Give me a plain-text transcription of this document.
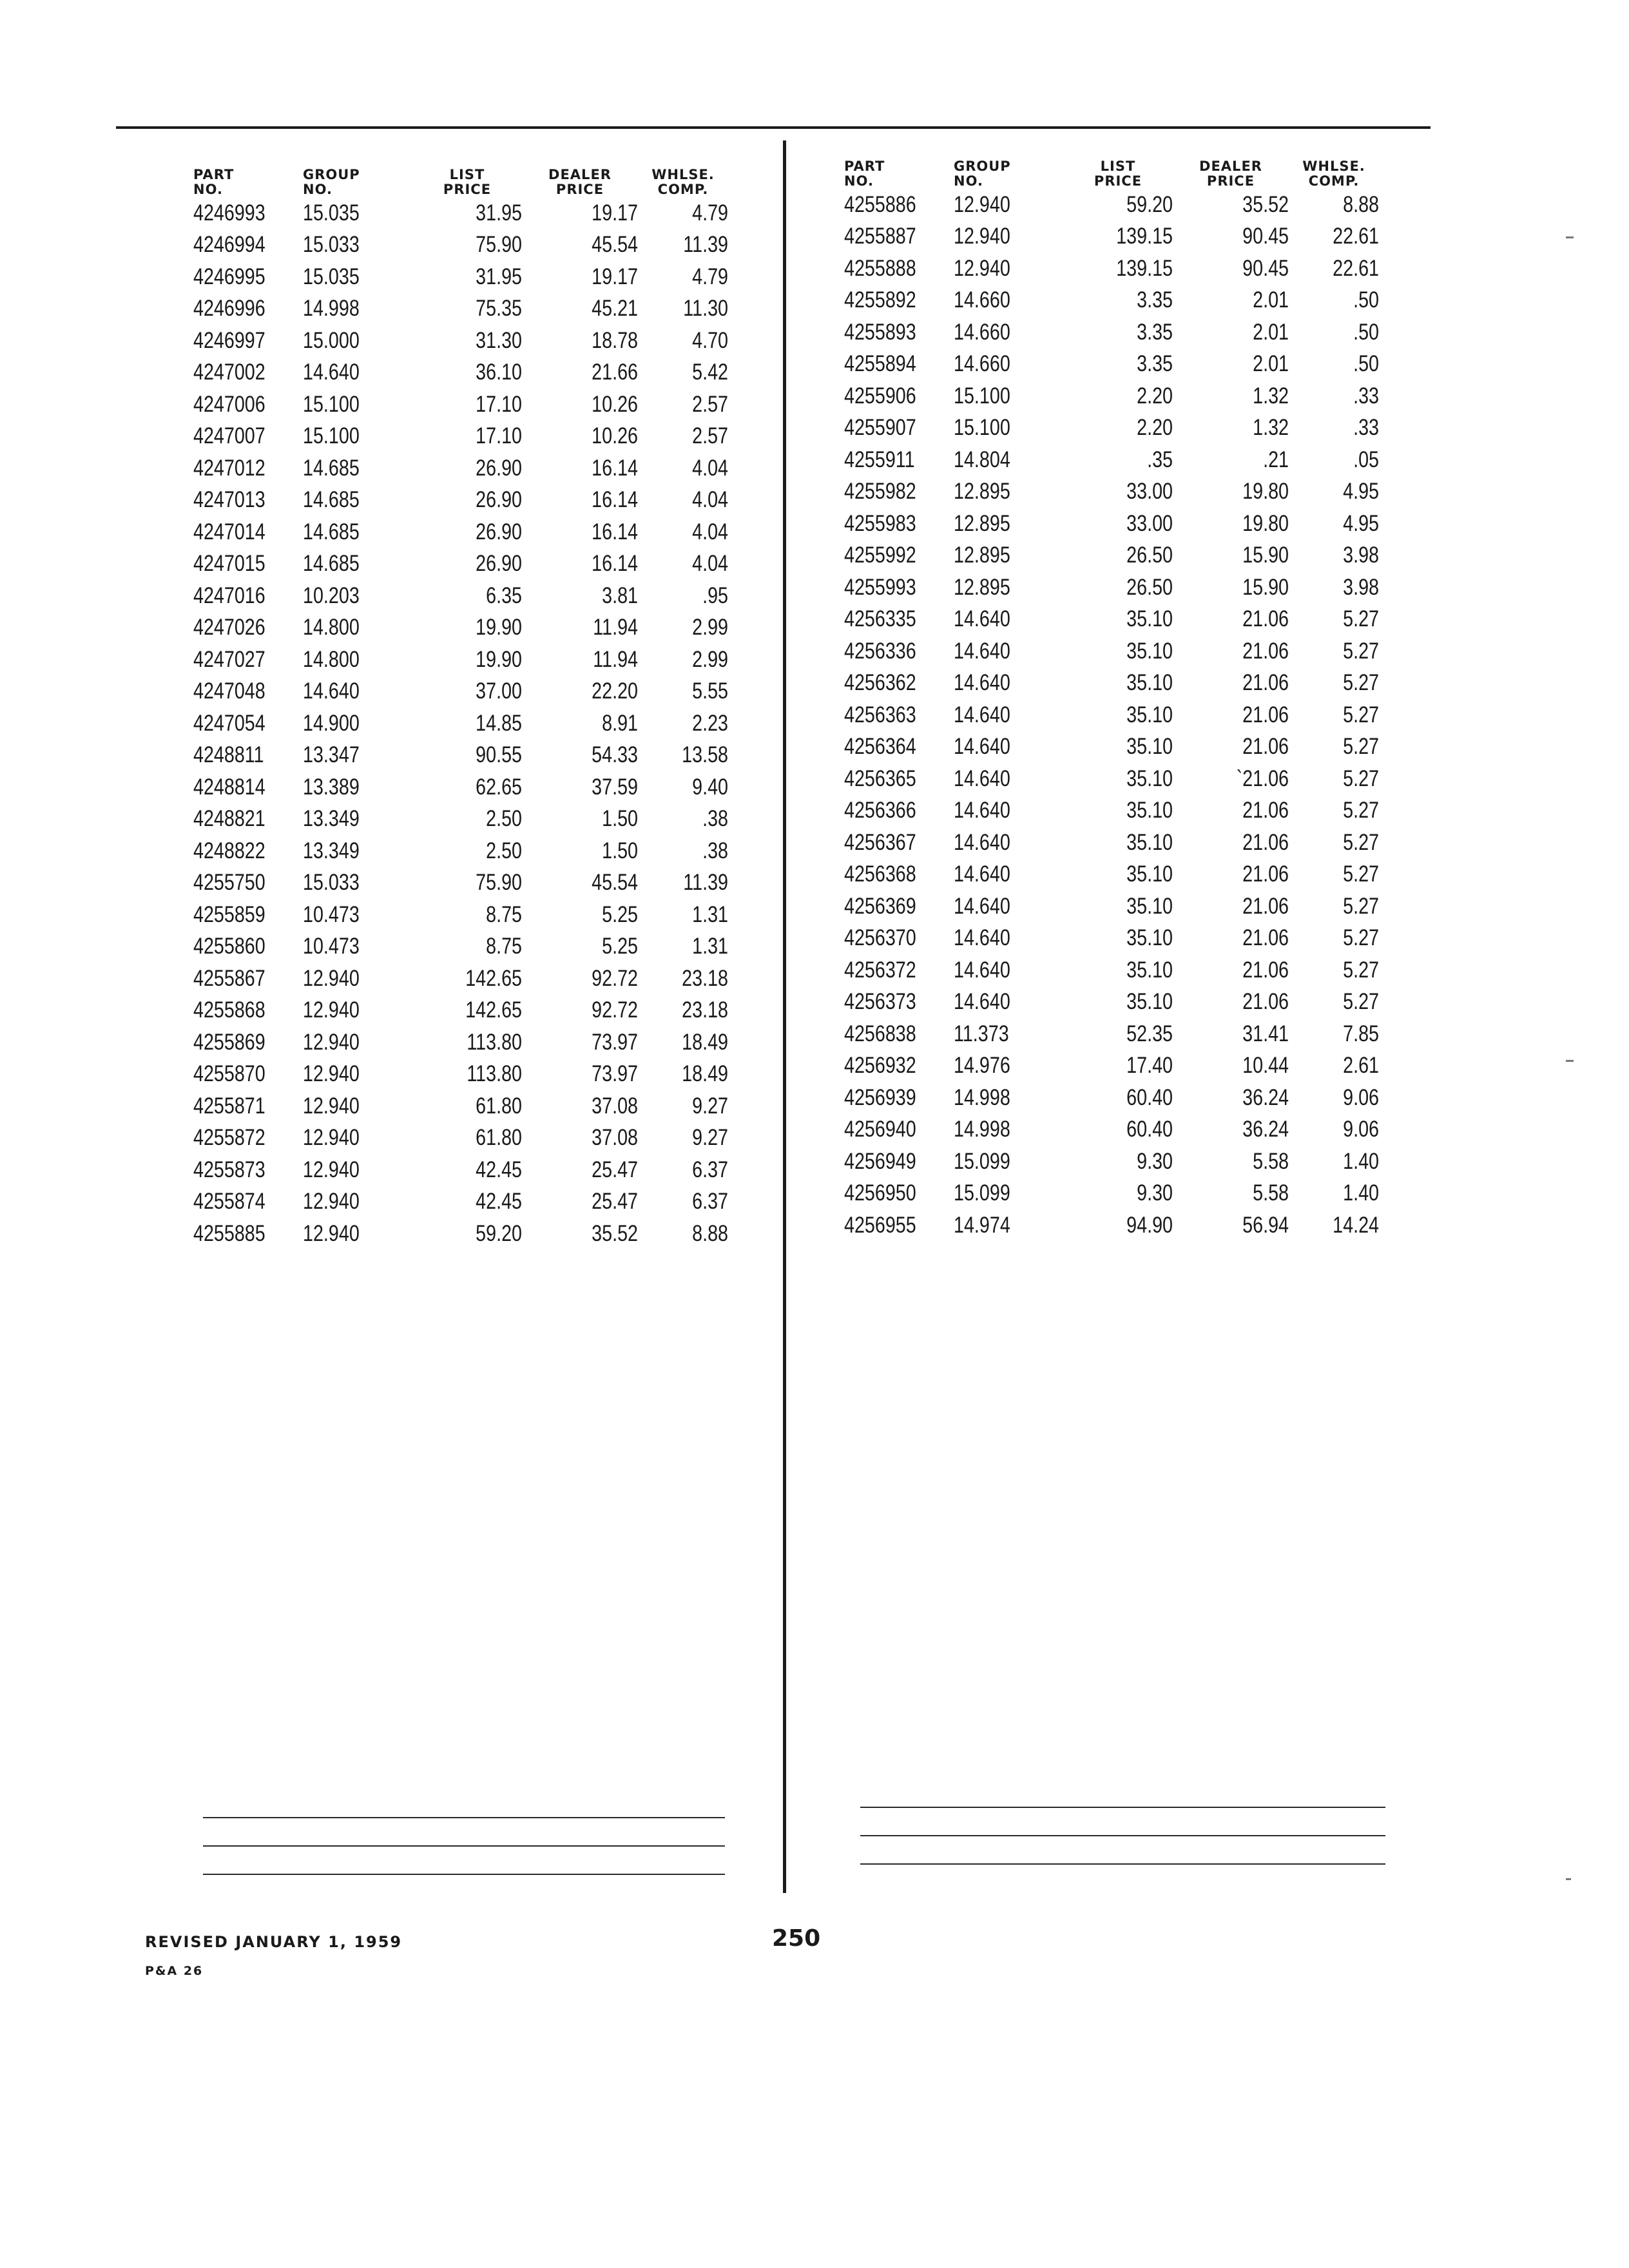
PART
NO.
GROUP
NO.
LIST
PRICE
DEALER
PRICE
WHLSE.
COMP.
4246993	15.035	31.95	19.17	4.79
4246994	15.033	75.90	45.54	11.39
4246995	15.035	31.95	19.17	4.79
4246996	14.998	75.35	45.21	11.30
4246997	15.000	31.30	18.78	4.70
4247002	14.640	36.10	21.66	5.42
4247006	15.100	17.10	10.26	2.57
4247007	15.100	17.10	10.26	2.57
4247012	14.685	26.90	16.14	4.04
4247013	14.685	26.90	16.14	4.04
4247014	14.685	26.90	16.14	4.04
4247015	14.685	26.90	16.14	4.04
4247016	10.203	6.35	3.81	.95
4247026	14.800	19.90	11.94	2.99
4247027	14.800	19.90	11.94	2.99
4247048	14.640	37.00	22.20	5.55
4247054	14.900	14.85	8.91	2.23
4248811	13.347	90.55	54.33	13.58
4248814	13.389	62.65	37.59	9.40
4248821	13.349	2.50	1.50	.38
4248822	13.349	2.50	1.50	.38
4255750	15.033	75.90	45.54	11.39
4255859	10.473	8.75	5.25	1.31
4255860	10.473	8.75	5.25	1.31
4255867	12.940	142.65	92.72	23.18
4255868	12.940	142.65	92.72	23.18
4255869	12.940	113.80	73.97	18.49
4255870	12.940	113.80	73.97	18.49
4255871	12.940	61.80	37.08	9.27
4255872	12.940	61.80	37.08	9.27
4255873	12.940	42.45	25.47	6.37
4255874	12.940	42.45	25.47	6.37
4255885	12.940	59.20	35.52	8.88
PART
NO.
GROUP
NO.
LIST
PRICE
DEALER
PRICE
WHLSE.
COMP.
4255886	12.940	59.20	35.52	8.88
4255887	12.940	139.15	90.45	22.61
4255888	12.940	139.15	90.45	22.61
4255892	14.660	3.35	2.01	.50
4255893	14.660	3.35	2.01	.50
4255894	14.660	3.35	2.01	.50
4255906	15.100	2.20	1.32	.33
4255907	15.100	2.20	1.32	.33
4255911	14.804	.35	.21	.05
4255982	12.895	33.00	19.80	4.95
4255983	12.895	33.00	19.80	4.95
4255992	12.895	26.50	15.90	3.98
4255993	12.895	26.50	15.90	3.98
4256335	14.640	35.10	21.06	5.27
4256336	14.640	35.10	21.06	5.27
4256362	14.640	35.10	21.06	5.27
4256363	14.640	35.10	21.06	5.27
4256364	14.640	35.10	21.06	5.27
4256365	14.640	35.10	`21.06	5.27
4256366	14.640	35.10	21.06	5.27
4256367	14.640	35.10	21.06	5.27
4256368	14.640	35.10	21.06	5.27
4256369	14.640	35.10	21.06	5.27
4256370	14.640	35.10	21.06	5.27
4256372	14.640	35.10	21.06	5.27
4256373	14.640	35.10	21.06	5.27
4256838	11.373	52.35	31.41	7.85
4256932	14.976	17.40	10.44	2.61
4256939	14.998	60.40	36.24	9.06
4256940	14.998	60.40	36.24	9.06
4256949	15.099	9.30	5.58	1.40
4256950	15.099	9.30	5.58	1.40
4256955	14.974	94.90	56.94	14.24
REVISED JANUARY 1, 1959
P&A 26
250
